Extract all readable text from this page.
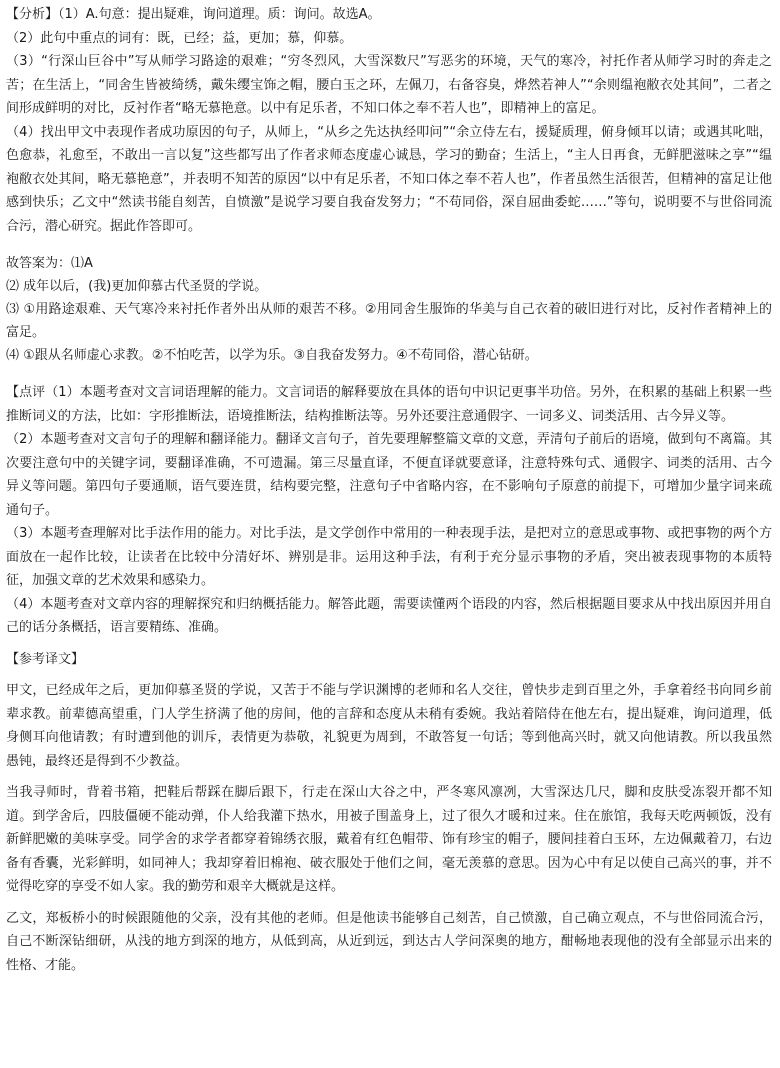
【分析】（1）A.句意：提出疑难，询问道理。质：询问。故选A。

（2）此句中重点的词有：既，已经；益，更加；慕，仰慕。

（3）“行深山巨谷中”写从师学习路途的艰难；“穷冬烈风，大雪深数尺”写恶劣的环境，天气的寒冷，衬托作者从师学习时的奔走之苦；在生活上，“同舍生皆被绮绣，戴朱缨宝饰之帽，腰白玉之环，左佩刀，右备容臭，烨然若神人”“余则缊袍敝衣处其间”，二者之间形成鲜明的对比，反衬作者“略无慕艳意。以中有足乐者，不知口体之奉不若人也”，即精神上的富足。

（4）找出甲文中表现作者成功原因的句子，从师上，“从乡之先达执经叩问”“余立侍左右，援疑质理，俯身倾耳以请；或遇其叱咄，色愈恭，礼愈至，不敢出一言以复”这些都写出了作者求师态度虚心诚恳，学习的勤奋；生活上，“主人日再食，无鲜肥滋味之享”“缊袍敝衣处其间，略无慕艳意”，并表明不知苦的原因“以中有足乐者，不知口体之奉不若人也”，作者虽然生活很苦，但精神的富足让他感到快乐；乙文中“然读书能自刻苦，自愤激”是说学习要自我奋发努力；“不苟同俗，深自屈曲委蛇……”等句，说明要不与世俗同流合污，潜心研究。据此作答即可。

故答案为：⑴A

⑵ 成年以后，(我)更加仰慕古代圣贤的学说。

⑶ ①用路途艰难、天气寒冷来衬托作者外出从师的艰苦不移。②用同舍生服饰的华美与自己衣着的破旧进行对比，反衬作者精神上的富足。

⑷ ①跟从名师虚心求教。②不怕吃苦，以学为乐。③自我奋发努力。④不苟同俗，潜心钻研。

【点评（1）本题考查对文言词语理解的能力。文言词语的解释要放在具体的语句中识记更事半功倍。另外，在积累的基础上积累一些推断词义的方法，比如：字形推断法，语境推断法，结构推断法等。另外还要注意通假字、一词多义、词类活用、古今异义等。

（2）本题考查对文言句子的理解和翻译能力。翻译文言句子，首先要理解整篇文章的文意，弄清句子前后的语境，做到句不离篇。其次要注意句中的关键字词，要翻译准确，不可遗漏。第三尽量直译，不便直译就要意译，注意特殊句式、通假字、词类的活用、古今异义等问题。第四句子要通顺，语气要连贯，结构要完整，注意句子中省略内容，在不影响句子原意的前提下，可增加少量字词来疏通句子。

（3）本题考查理解对比手法作用的能力。对比手法，是文学创作中常用的一种表现手法，是把对立的意思或事物、或把事物的两个方面放在一起作比较，让读者在比较中分清好坏、辨别是非。运用这种手法，有利于充分显示事物的矛盾，突出被表现事物的本质特征，加强文章的艺术效果和感染力。

（4）本题考查对文章内容的理解探究和归纳概括能力。解答此题，需要读懂两个语段的内容，然后根据题目要求从中找出原因并用自己的话分条概括，语言要精练、准确。

【参考译文】

甲文，已经成年之后，更加仰慕圣贤的学说，又苦于不能与学识渊博的老师和名人交往，曾快步走到百里之外，手拿着经书向同乡前辈求教。前辈德高望重，门人学生挤满了他的房间，他的言辞和态度从未稍有委婉。我站着陪侍在他左右，提出疑难，询问道理，低身侧耳向他请教；有时遭到他的训斥，表情更为恭敬，礼貌更为周到，不敢答复一句话；等到他高兴时，就又向他请教。所以我虽然愚钝，最终还是得到不少教益。

当我寻师时，背着书箱，把鞋后帮踩在脚后跟下，行走在深山大谷之中，严冬寒风凛冽，大雪深达几尺，脚和皮肤受冻裂开都不知道。到学舍后，四肢僵硬不能动弹，仆人给我灌下热水，用被子围盖身上，过了很久才暖和过来。住在旅馆，我每天吃两顿饭，没有新鲜肥嫩的美味享受。同学舍的求学者都穿着锦绣衣服，戴着有红色帽带、饰有珍宝的帽子，腰间挂着白玉环，左边佩戴着刀，右边备有香囊，光彩鲜明，如同神人；我却穿着旧棉袍、破衣服处于他们之间，毫无羡慕的意思。因为心中有足以使自己高兴的事，并不觉得吃穿的享受不如人家。我的勤劳和艰辛大概就是这样。

乙文，郑板桥小的时候跟随他的父亲，没有其他的老师。但是他读书能够自己刻苦，自己愤激，自己确立观点，不与世俗同流合污，自己不断深钻细研，从浅的地方到深的地方，从低到高，从近到远，到达古人学问深奥的地方，酣畅地表现他的没有全部显示出来的性格、才能。
